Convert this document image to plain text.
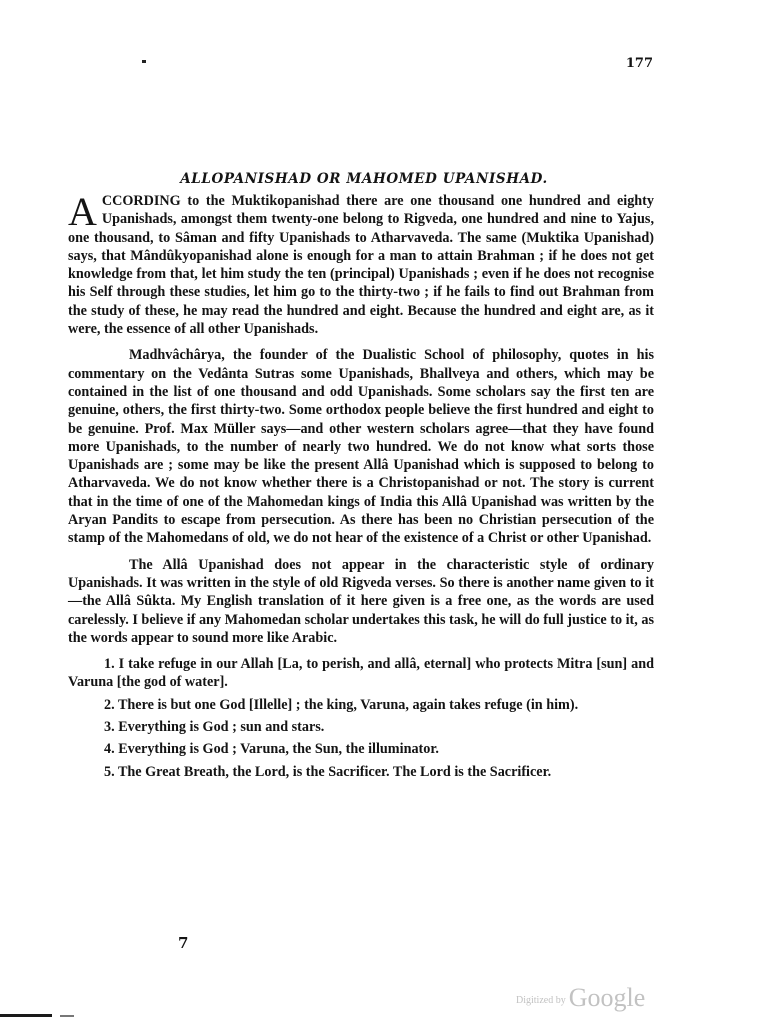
177
ALLOPANISHAD OR MAHOMED UPANISHAD.

ACCORDING to the Muktikopanishad there are one thousand one hundred and eighty Upanishads, amongst them twenty-one belong to Rigveda, one hundred and nine to Yajus, one thousand, to Sâman and fifty Upanishads to Atharvaveda. The same (Muktika Upanishad) says, that Mândûkyopanishad alone is enough for a man to attain Brahman ; if he does not get knowledge from that, let him study the ten (principal) Upanishads ; even if he does not recognise his Self through these studies, let him go to the thirty-two ; if he fails to find out Brahman from the study of these, he may read the hundred and eight. Because the hundred and eight are, as it were, the essence of all other Upanishads.

Madhvâchârya, the founder of the Dualistic School of philosophy, quotes in his commentary on the Vedânta Sutras some Upanishads, Bhallveya and others, which may be contained in the list of one thousand and odd Upanishads. Some scholars say the first ten are genuine, others, the first thirty-two. Some orthodox people believe the first hundred and eight to be genuine. Prof. Max Müller says—and other western scholars agree—that they have found more Upanishads, to the number of nearly two hundred. We do not know what sorts those Upanishads are ; some may be like the present Allâ Upanishad which is supposed to belong to Atharvaveda. We do not know whether there is a Christopanishad or not. The story is current that in the time of one of the Mahomedan kings of India this Allâ Upanishad was written by the Aryan Pandits to escape from persecution. As there has been no Christian persecution of the stamp of the Mahomedans of old, we do not hear of the existence of a Christ or other Upanishad.

The Allâ Upanishad does not appear in the characteristic style of ordinary Upanishads. It was written in the style of old Rigveda verses. So there is another name given to it—the Allâ Sûkta. My English translation of it here given is a free one, as the words are used carelessly. I believe if any Mahomedan scholar undertakes this task, he will do full justice to it, as the words appear to sound more like Arabic.

1. I take refuge in our Allah [La, to perish, and allâ, eternal] who protects Mitra [sun] and Varuna [the god of water].

2. There is but one God [Illelle] ; the king, Varuna, again takes refuge (in him).

3. Everything is God ; sun and stars.

4. Everything is God ; Varuna, the Sun, the illuminator.

5. The Great Breath, the Lord, is the Sacrificer. The Lord is the Sacrificer.

7
Digitized by Google
